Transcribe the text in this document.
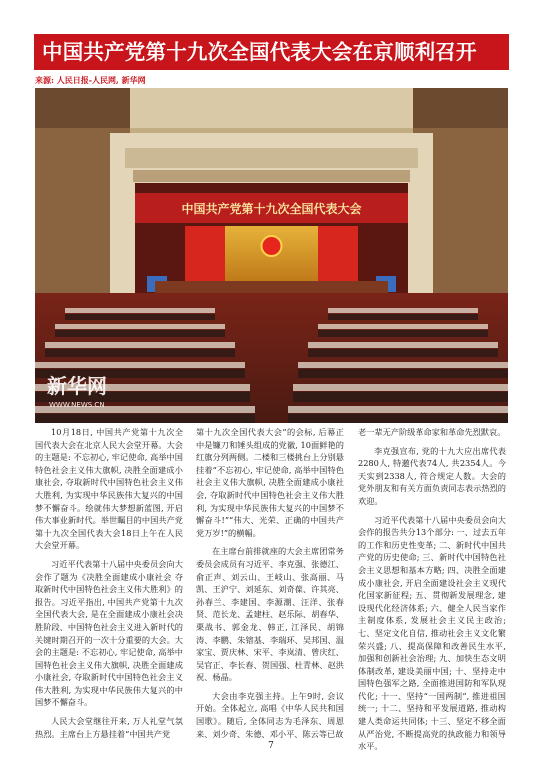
中国共产党第十九次全国代表大会在京顺利召开
来源: 人民日报-人民网, 新华网
中国共产党第十九次全国代表大会
新华网
WWW.NEWS.CN

10月18日, 中国共产党第十九次全国代表大会在北京人民大会堂开幕。大会的主题是: 不忘初心, 牢记使命, 高举中国特色社会主义伟大旗帜, 决胜全面建成小康社会, 夺取新时代中国特色社会主义伟大胜利, 为实现中华民族伟大复兴的中国梦不懈奋斗。绘就伟大梦想新蓝图, 开启伟大事业新时代。举世瞩目的中国共产党第十九次全国代表大会18日上午在人民大会堂开幕。

习近平代表第十八届中央委员会向大会作了题为《决胜全面建成小康社会 夺取新时代中国特色社会主义伟大胜利》的报告。习近平指出, 中国共产党第十九次全国代表大会, 是在全面建成小康社会决胜阶段、中国特色社会主义进入新时代的关键时期召开的一次十分重要的大会。大会的主题是: 不忘初心, 牢记使命, 高举中国特色社会主义伟大旗帜, 决胜全面建成小康社会, 夺取新时代中国特色社会主义伟大胜利, 为实现中华民族伟大复兴的中国梦不懈奋斗。

人民大会堂继往开来, 万人礼堂气氛热烈。主席台上方悬挂着“中国共产党

第十九次全国代表大会”的会标, 后幕正中是镰刀和锤头组成的党徽, 10面鲜艳的红旗分列两侧。二楼和三楼挑台上分别悬挂着“不忘初心, 牢记使命, 高举中国特色社会主义伟大旗帜, 决胜全面建成小康社会, 夺取新时代中国特色社会主义伟大胜利, 为实现中华民族伟大复兴的中国梦不懈奋斗!”“伟大、光荣、正确的中国共产党万岁!”的横幅。

在主席台前排就座的大会主席团常务委员会成员有习近平、李克强、张德江、俞正声、刘云山、王岐山、张高丽、马凯、王沪宁、刘延东、刘奇葆、许其亮、孙春兰、李建国、李源潮、汪洋、张春贤、范长龙、孟建柱、赵乐际、胡春华、栗战书、郭金龙、韩正, 江泽民、胡锦涛、李鹏、朱镕基、李瑞环、吴邦国、温家宝、贾庆林、宋平、李岚清、曾庆红、吴官正、李长春、贺国强、杜青林、赵洪祝、杨晶。

大会由李克强主持。上午9时, 会议开始。全体起立, 高唱《中华人民共和国国歌》。随后, 全体同志为毛泽东、周恩来、刘少奇、朱德、邓小平、陈云等已故

老一辈无产阶级革命家和革命先烈默哀。

李克强宣布, 党的十九大应出席代表2280人, 特邀代表74人, 共2354人。今天实到2338人, 符合规定人数。大会的党外朋友和有关方面负责同志表示热烈的欢迎。

习近平代表第十八届中央委员会向大会作的报告共分13个部分: 一、过去五年的工作和历史性变革; 二、新时代中国共产党的历史使命; 三、新时代中国特色社会主义思想和基本方略; 四、决胜全面建成小康社会, 开启全面建设社会主义现代化国家新征程; 五、贯彻新发展理念, 建设现代化经济体系; 六、健全人民当家作主制度体系, 发展社会主义民主政治; 七、坚定文化自信, 推动社会主义文化繁荣兴盛; 八、提高保障和改善民生水平, 加强和创新社会治理; 九、加快生态文明体制改革, 建设美丽中国; 十、坚持走中国特色强军之路, 全面推进国防和军队现代化; 十一、坚持“一国两制”, 推进祖国统一; 十二、坚持和平发展道路, 推动构建人类命运共同体; 十三、坚定不移全面从严治党, 不断提高党的执政能力和领导水平。

7
